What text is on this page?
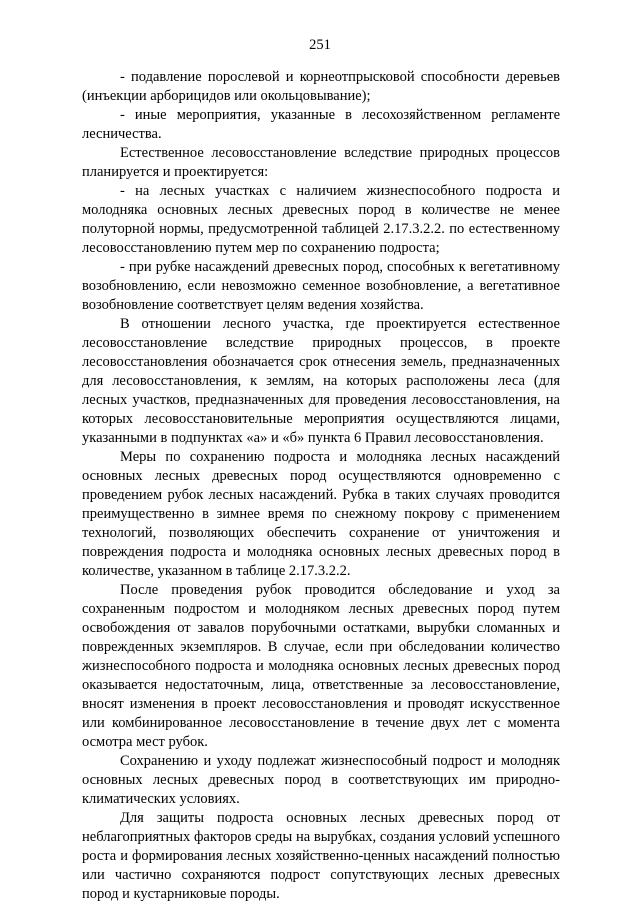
251

- подавление порослевой и корнеотпрысковой способности деревьев (инъекции арборицидов или окольцовывание);

- иные мероприятия, указанные в лесохозяйственном регламенте лесничества.

Естественное лесовосстановление вследствие природных процессов планируется и проектируется:

- на лесных участках с наличием жизнеспособного подроста и молодняка основных лесных древесных пород в количестве не менее полуторной нормы, предусмотренной таблицей 2.17.3.2.2. по естественному лесовосстановлению путем мер по сохранению подроста;

- при рубке насаждений древесных пород, способных к вегетативному возобновлению, если невозможно семенное возобновление, а вегетативное возобновление соответствует целям ведения хозяйства.

В отношении лесного участка, где проектируется естественное лесовосстановление вследствие природных процессов, в проекте лесовосстановления обозначается срок отнесения земель, предназначенных для лесовосстановления, к землям, на которых расположены леса (для лесных участков, предназначенных для проведения лесовосстановления, на которых лесовосстановительные мероприятия осуществляются лицами, указанными в подпунктах «а» и «б» пункта 6 Правил лесовосстановления.

Меры по сохранению подроста и молодняка лесных насаждений основных лесных древесных пород осуществляются одновременно с проведением рубок лесных насаждений. Рубка в таких случаях проводится преимущественно в зимнее время по снежному покрову с применением технологий, позволяющих обеспечить сохранение от уничтожения и повреждения подроста и молодняка основных лесных древесных пород в количестве, указанном в таблице 2.17.3.2.2.

После проведения рубок проводится обследование и уход за сохраненным подростом и молодняком лесных древесных пород путем освобождения от завалов порубочными остатками, вырубки сломанных и поврежденных экземпляров. В случае, если при обследовании количество жизнеспособного подроста и молодняка основных лесных древесных пород оказывается недостаточным, лица, ответственные за лесовосстановление, вносят изменения в проект лесовосстановления и проводят искусственное или комбинированное лесовосстановление в течение двух лет с момента осмотра мест рубок.

Сохранению и уходу подлежат жизнеспособный подрост и молодняк основных лесных древесных пород в соответствующих им природно-климатических условиях.

Для защиты подроста основных лесных древесных пород от неблагоприятных факторов среды на вырубках, создания условий успешного роста и формирования лесных хозяйственно-ценных насаждений полностью или частично сохраняются подрост сопутствующих лесных древесных пород и кустарниковые породы.
